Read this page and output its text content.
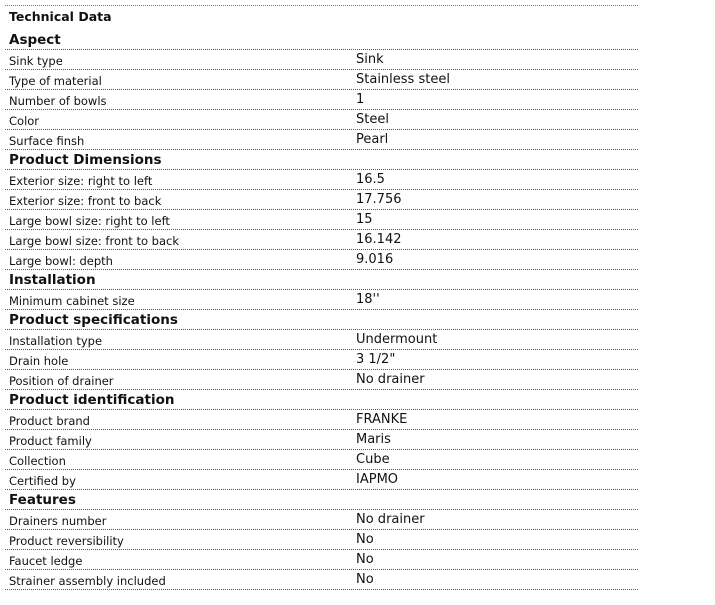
Technical Data
Aspect
Sink type	Sink
Type of material	Stainless steel
Number of bowls	1
Color	Steel
Surface finsh	Pearl
Product Dimensions
Exterior size: right to left	16.5
Exterior size: front to back	17.756
Large bowl size: right to left	15
Large bowl size: front to back	16.142
Large bowl: depth	9.016
Installation
Minimum cabinet size	18''
Product specifications
Installation type	Undermount
Drain hole	3 1/2"
Position of drainer	No drainer
Product identification
Product brand	FRANKE
Product family	Maris
Collection	Cube
Certified by	IAPMO
Features
Drainers number	No drainer
Product reversibility	No
Faucet ledge	No
Strainer assembly included	No
